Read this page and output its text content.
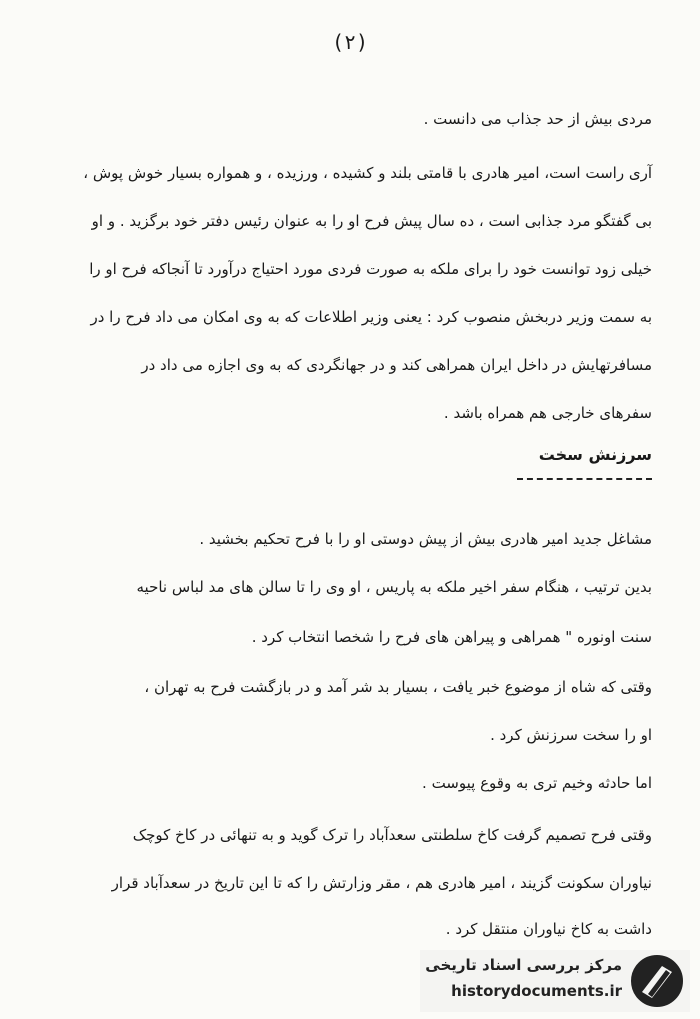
(۲)
مردی بیش از حد جذاب می دانست .
آری راست است، امیر هادری با قامتی بلند و کشیده ، ورزیده ، و همواره بسیار خوش پوش ،
بی گفتگو مرد جذابی است ، ده سال پیش فرح او را به عنوان رئیس دفتر خود برگزید . و او
خیلی زود توانست خود را برای ملکه به صورت فردی مورد احتیاج درآورد تا آنجاکه فرح او را
به سمت وزیر دربخش منصوب کرد : یعنی وزیر اطلاعات که به وی امکان می داد فرح را در
مسافرتهایش در داخل ایران همراهی کند و در جهانگردی که به وی اجازه می داد در
سفرهای خارجی هم همراه باشد .
سرزنش سخت
مشاغل جدید امیر هادری بیش از پیش دوستی او را با فرح تحکیم بخشید .
بدین ترتیب ، هنگام سفر اخیر ملکه به پاریس ، او وی را تا سالن های مد لباس ناحیه
سنت اونوره " همراهی و پیراهن های فرح را شخصا انتخاب کرد .
وقتی که شاه از موضوع خبر یافت ، بسیار بد شر آمد و در بازگشت فرح به تهران ،
او را سخت سرزنش کرد .
اما حادثه وخیم تری به وقوع پیوست .
وقتی فرح تصمیم گرفت کاخ سلطنتی سعدآباد را ترک گوید و به تنهائی در کاخ کوچک
نیاوران سکونت گزیند ، امیر هادری هم ، مقر وزارتش را که تا این تاریخ در سعدآباد قرار
داشت به کاخ نیاوران منتقل کرد .
مرکز بررسی اسناد تاریخی
historydocuments.ir
